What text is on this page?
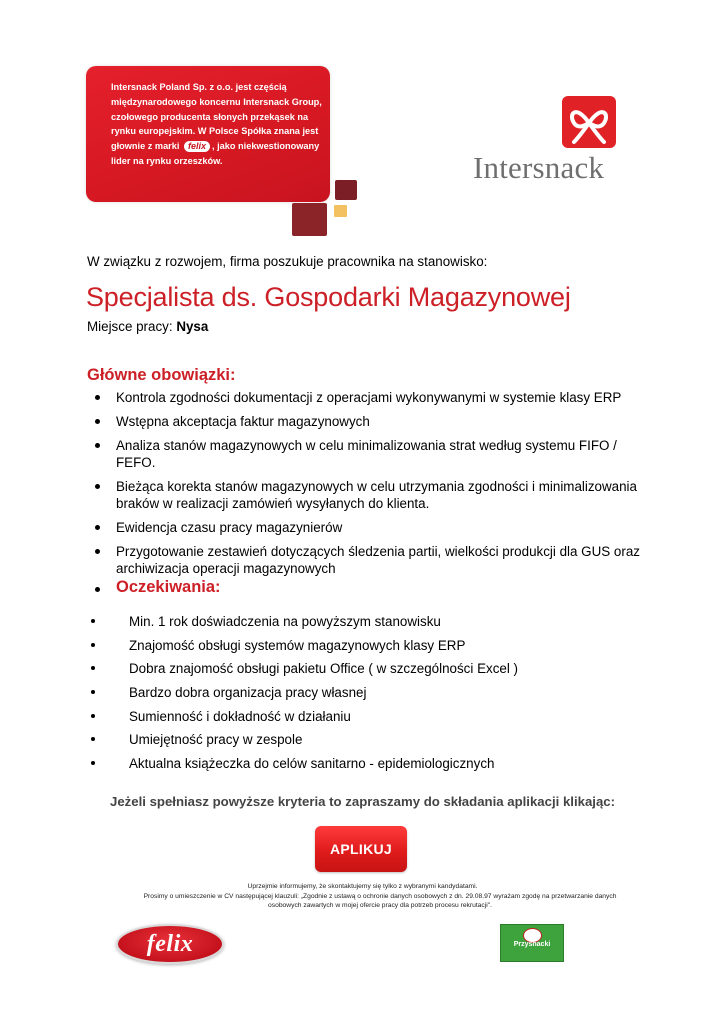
Intersnack Poland Sp. z o.o. jest częścią międzynarodowego koncernu Intersnack Group, czołowego producenta słonych przekąsek na rynku europejskim. W Polsce Spółka znana jest głownie z marki felix , jako niekwestionowany lider na rynku orzeszków.	Intersnack
W związku z rozwojem, firma poszukuje pracownika na stanowisko:
Specjalista ds. Gospodarki Magazynowej
Miejsce pracy: Nysa
Główne obowiązki:
Kontrola zgodności dokumentacji z operacjami wykonywanymi w systemie klasy ERP
Wstępna akceptacja faktur magazynowych
Analiza stanów magazynowych w celu minimalizowania strat według systemu FIFO / FEFO.
Bieżąca korekta stanów magazynowych w celu utrzymania zgodności i minimalizowania braków w realizacji zamówień wysyłanych do klienta.
Ewidencja czasu pracy magazynierów
Przygotowanie zestawień dotyczących śledzenia partii, wielkości produkcji dla GUS oraz archiwizacja operacji magazynowych
Oczekiwania:
Min. 1 rok doświadczenia na powyższym stanowisku
Znajomość obsługi systemów magazynowych klasy ERP
Dobra znajomość obsługi pakietu Office ( w szczególności Excel )
Bardzo dobra organizacja pracy własnej
Sumienność i dokładność w działaniu
Umiejętność pracy w zespole
Aktualna książeczka do celów sanitarno - epidemiologicznych
Jeżeli spełniasz powyższe kryteria to zapraszamy do składania aplikacji klikając:
APLIKUJ
Uprzejmie informujemy, że skontaktujemy się tylko z wybranymi kandydatami.
Prosimy o umieszczenie w CV następującej klauzuli: „Zgodnie z ustawą o ochronie danych osobowych z dn. 29.08.97 wyrażam zgodę na przetwarzanie danych osobowych zawartych w mojej ofercie pracy dla potrzeb procesu rekrutacji".
felix	Przysnacki
